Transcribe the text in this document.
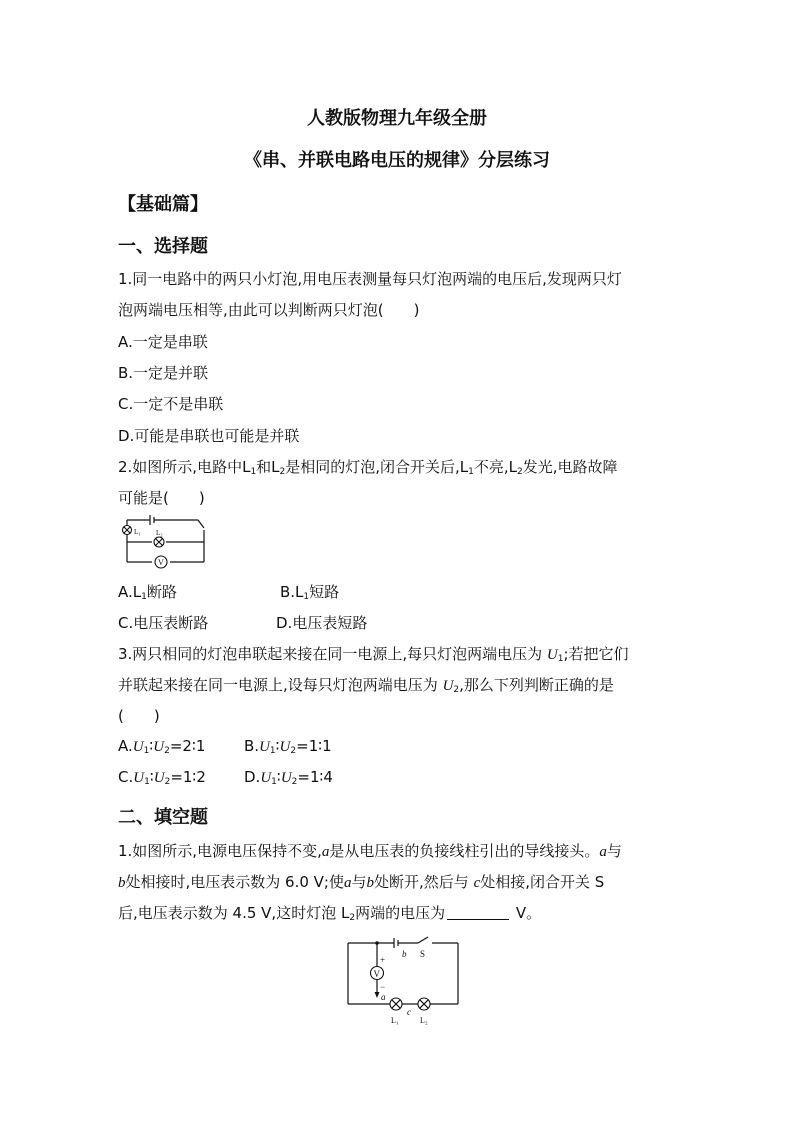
人教版物理九年级全册
《串、并联电路电压的规律》分层练习
【基础篇】
一、选择题
1.同一电路中的两只小灯泡,用电压表测量每只灯泡两端的电压后,发现两只灯
泡两端电压相等,由此可以判断两只灯泡(　　)
A.一定是串联
B.一定是并联
C.一定不是串联
D.可能是串联也可能是并联
2.如图所示,电路中$L_1$和$L_2$是相同的灯泡,闭合开关后$,L_1$不亮$,L_2$发光,电路故障
可能是(　　)
L₁ L₂
V
$A.L_1$断路	$B.L_1$短路
C.电压表断路	D.电压表短路
3.两只相同的灯泡串联起来接在同一电源上,每只灯泡两端电压为 $U_1$;若把它们
并联起来接在同一电源上,设每只灯泡两端电压为 $U_2$,那么下列判断正确的是
(　　)
$A.U_1∶U_2=2∶1$	$B.U_1∶U_2=1∶1$
$C.U_1∶U_2=1∶2$	$D.U_1∶U_2=1∶4$
二、填空题
1.如图所示,电源电压保持不变,a是从电压表的负接线柱引出的导线接头。a与
b处相接时,电压表示数为 6.0 V;使a与b处断开,然后与 c处相接,闭合开关 S
后,电压表示数为 4.5 V,这时灯泡 $L_2$两端的电压为	V。
V
+
−
a
b S
c
L₁	L₂
